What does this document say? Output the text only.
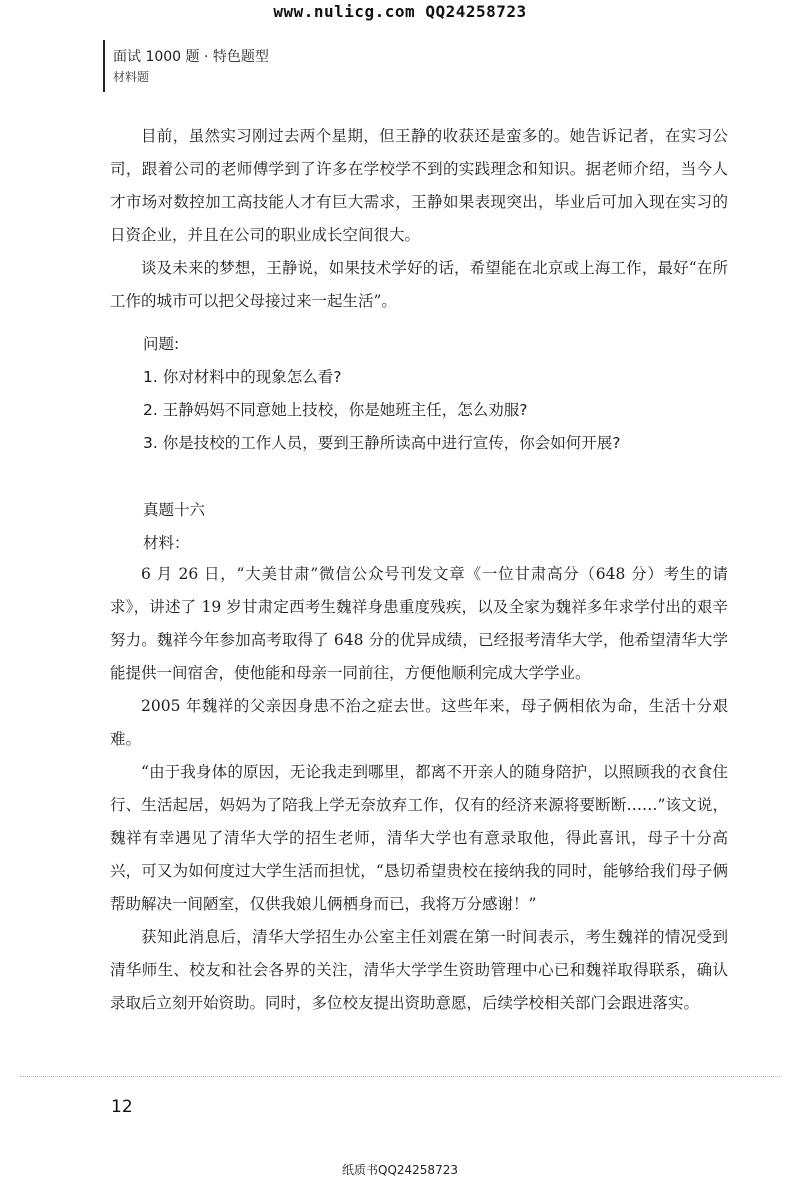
www.nulicg.com QQ24258723
面试 1000 题 · 特色题型
材料题

目前，虽然实习刚过去两个星期，但王静的收获还是蛮多的。她告诉记者，在实习公司，跟着公司的老师傅学到了许多在学校学不到的实践理念和知识。据老师介绍，当今人才市场对数控加工高技能人才有巨大需求，王静如果表现突出，毕业后可加入现在实习的日资企业，并且在公司的职业成长空间很大。

谈及未来的梦想，王静说，如果技术学好的话，希望能在北京或上海工作，最好“在所工作的城市可以把父母接过来一起生活”。

问题:
1. 你对材料中的现象怎么看?
2. 王静妈妈不同意她上技校，你是她班主任，怎么劝服?
3. 你是技校的工作人员，要到王静所读高中进行宣传，你会如何开展?
真题十六
材料：

6 月 26 日，“大美甘肃”微信公众号刊发文章《一位甘肃高分（648 分）考生的请求》，讲述了 19 岁甘肃定西考生魏祥身患重度残疾，以及全家为魏祥多年求学付出的艰辛努力。魏祥今年参加高考取得了 648 分的优异成绩，已经报考清华大学，他希望清华大学能提供一间宿舍，使他能和母亲一同前往，方便他顺利完成大学学业。

2005 年魏祥的父亲因身患不治之症去世。这些年来，母子俩相依为命，生活十分艰难。

“由于我身体的原因，无论我走到哪里，都离不开亲人的随身陪护，以照顾我的衣食住行、生活起居，妈妈为了陪我上学无奈放弃工作，仅有的经济来源将要断断……”该文说，魏祥有幸遇见了清华大学的招生老师，清华大学也有意录取他，得此喜讯，母子十分高兴，可又为如何度过大学生活而担忧，“恳切希望贵校在接纳我的同时，能够给我们母子俩帮助解决一间陋室，仅供我娘儿俩栖身而已，我将万分感谢！”

获知此消息后，清华大学招生办公室主任刘震在第一时间表示，考生魏祥的情况受到清华师生、校友和社会各界的关注，清华大学学生资助管理中心已和魏祥取得联系，确认录取后立刻开始资助。同时，多位校友提出资助意愿，后续学校相关部门会跟进落实。

12
纸质书QQ24258723
